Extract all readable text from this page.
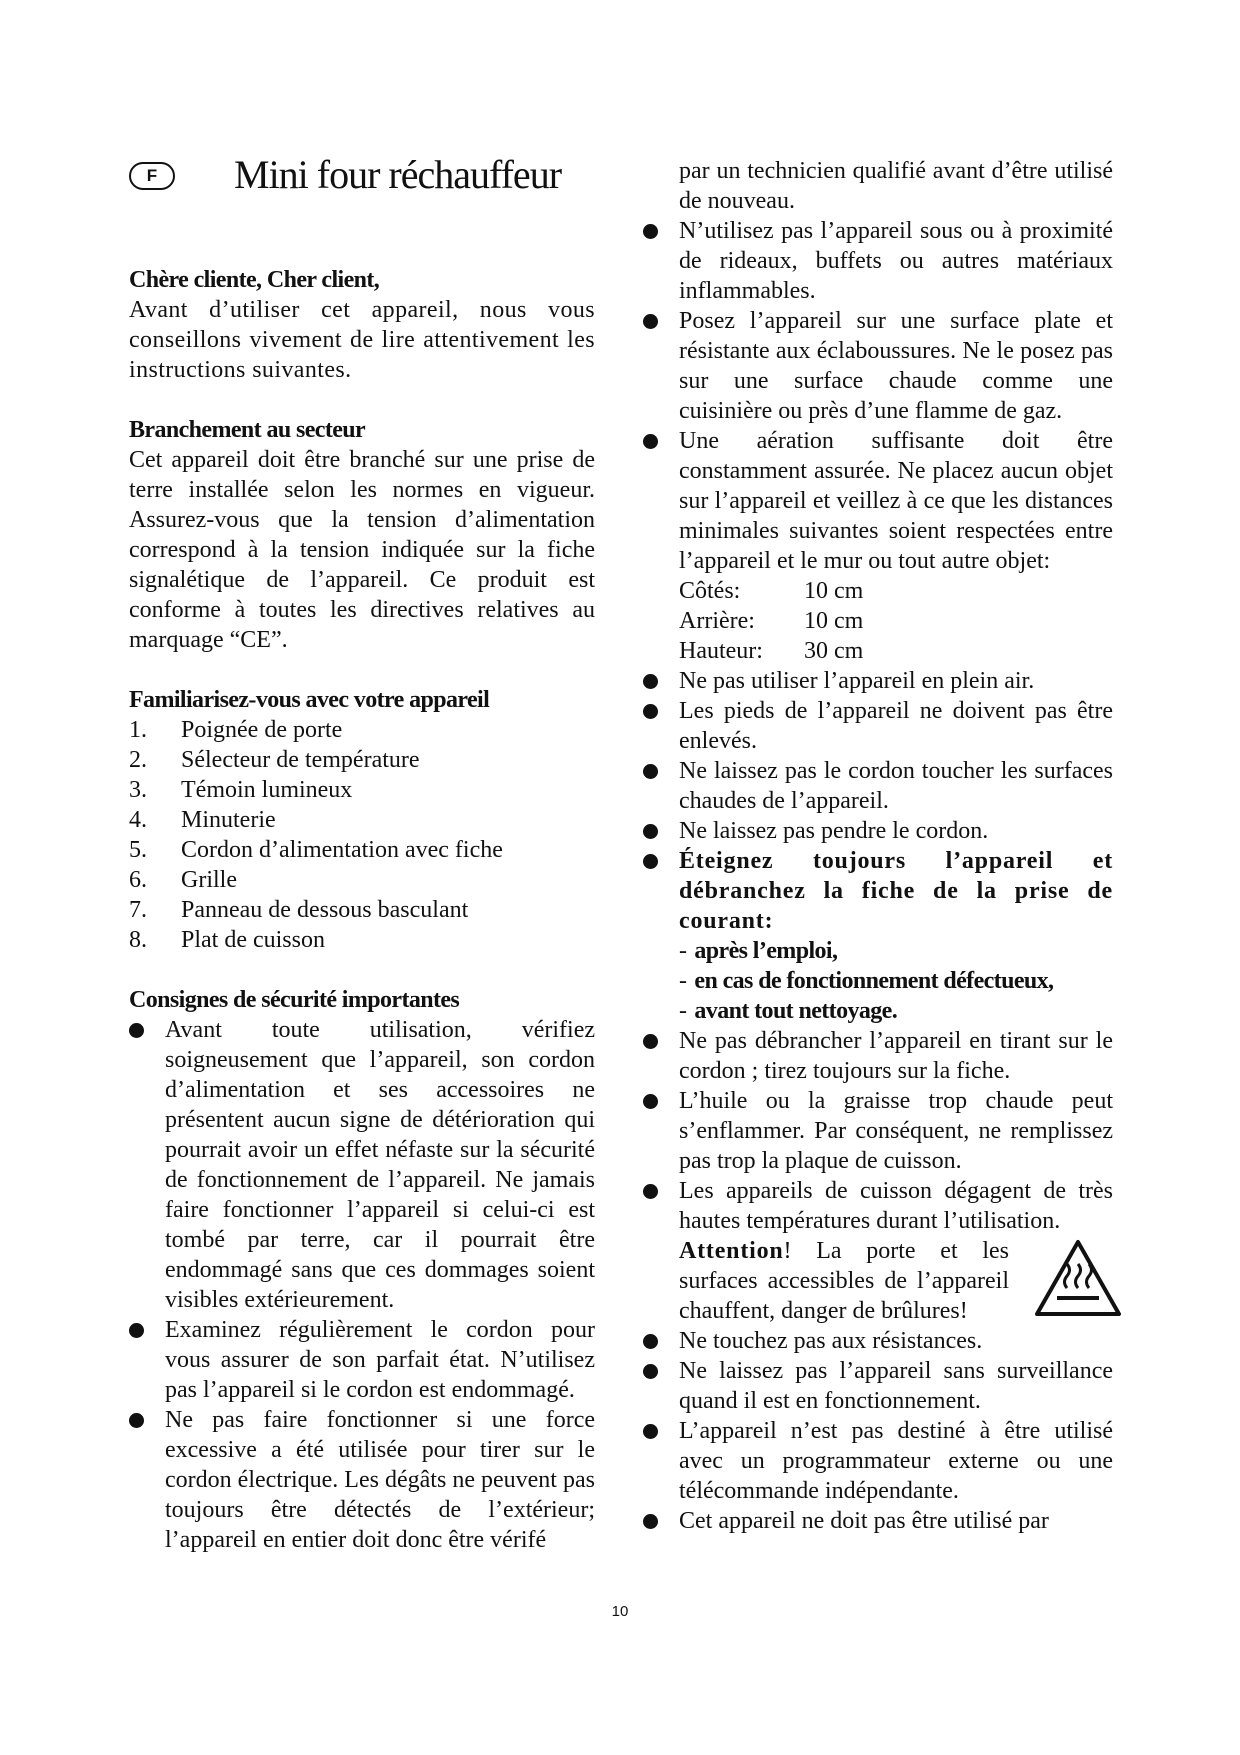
F	Mini four réchauffeur

Chère cliente, Cher client,

Avant d’utiliser cet appareil, nous vous conseillons vivement de lire attentivement les instructions suivantes.

Branchement au secteur

Cet appareil doit être branché sur une prise de terre installée selon les normes en vigueur. Assurez-vous que la tension d’alimentation correspond à la tension indiquée sur la fiche signalétique de l’appareil. Ce produit est conforme à toutes les directives relatives au marquage “CE”.

Familiarisez-vous avec votre appareil

1. Poignée de porte
2. Sélecteur de température
3. Témoin lumineux
4. Minuterie
5. Cordon d’alimentation avec fiche
6. Grille
7. Panneau de dessous basculant
8. Plat de cuisson

Consignes de sécurité importantes

Avant toute utilisation, vérifiez soigneusement que l’appareil, son cordon d’alimentation et ses accessoires ne présentent aucun signe de détérioration qui pourrait avoir un effet néfaste sur la sécurité de fonctionnement de l’appareil. Ne jamais faire fonctionner l’appareil si celui-ci est tombé par terre, car il pourrait être endommagé sans que ces dommages soient visibles extérieurement.
Examinez régulièrement le cordon pour vous assurer de son parfait état. N’utilisez pas l’appareil si le cordon est endommagé.
Ne pas faire fonctionner si une force excessive a été utilisée pour tirer sur le cordon électrique. Les dégâts ne peuvent pas toujours être détectés de l’extérieur; l’appareil en entier doit donc être vérifé

par un technicien qualifié avant d’être utilisé de nouveau.

N’utilisez pas l’appareil sous ou à proximité de rideaux, buffets ou autres matériaux inflammables.
Posez l’appareil sur une surface plate et résistante aux éclaboussures. Ne le posez pas sur une surface chaude comme une cuisinière ou près d’une flamme de gaz.
Une aération suffisante doit être constamment assurée. Ne placez aucun objet sur l’appareil et veillez à ce que les distances minimales suivantes soient respectées entre l’appareil et le mur ou tout autre objet:
Côtés:	10 cm
Arrière:	10 cm
Hauteur:	30 cm
Ne pas utiliser l’appareil en plein air.
Les pieds de l’appareil ne doivent pas être enlevés.
Ne laissez pas le cordon toucher les surfaces chaudes de l’appareil.
Ne laissez pas pendre le cordon.
Éteignez toujours l’appareil et débranchez la fiche de la prise de courant:
- après l’emploi,
- en cas de fonctionnement défectueux,
- avant tout nettoyage.
Ne pas débrancher l’appareil en tirant sur le cordon ; tirez toujours sur la fiche.
L’huile ou la graisse trop chaude peut s’enflammer. Par conséquent, ne remplissez pas trop la plaque de cuisson.
Les appareils de cuisson dégagent de très hautes températures durant l’utilisation.
Attention! La porte et les surfaces accessibles de l’appareil chauffent, danger de brûlures!
Ne touchez pas aux résistances.
Ne laissez pas l’appareil sans surveillance quand il est en fonctionnement.
L’appareil n’est pas destiné à être utilisé avec un programmateur externe ou une télécommande indépendante.
Cet appareil ne doit pas être utilisé par
10
